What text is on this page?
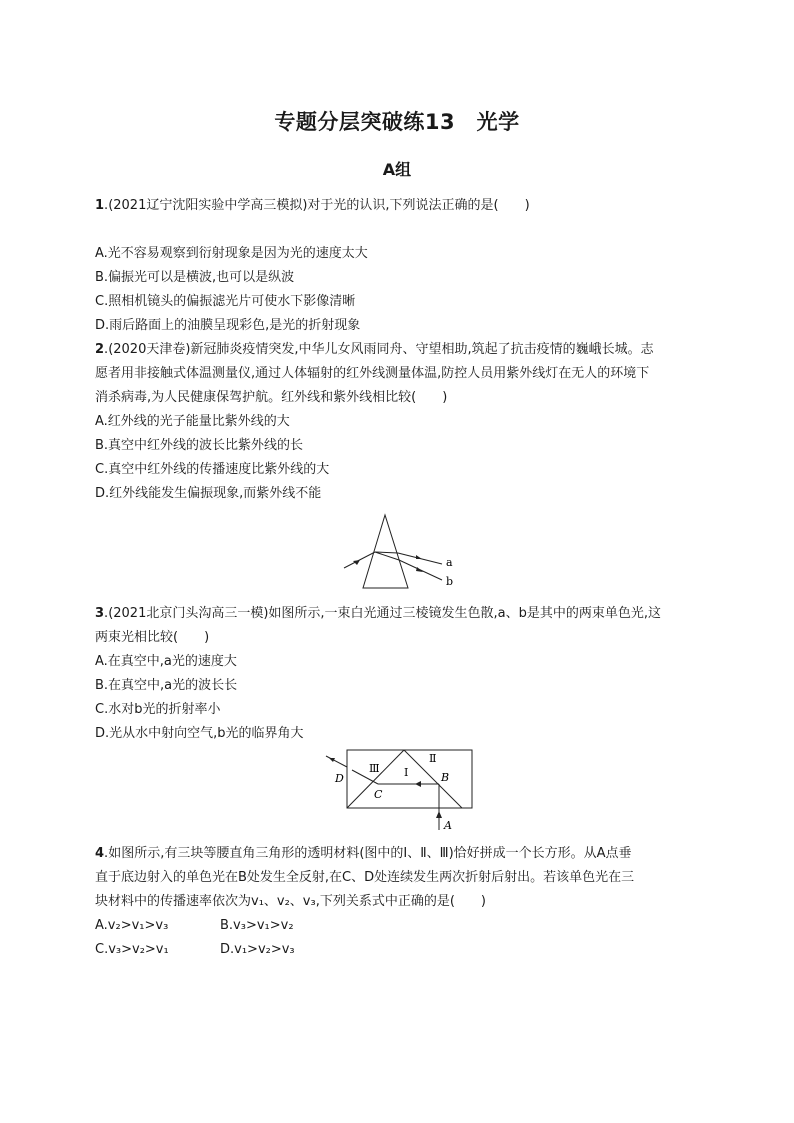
专题分层突破练13　光学
A组
1.(2021辽宁沈阳实验中学高三模拟)对于光的认识,下列说法正确的是(　　)
A.光不容易观察到衍射现象是因为光的速度太大
B.偏振光可以是横波,也可以是纵波
C.照相机镜头的偏振滤光片可使水下影像清晰
D.雨后路面上的油膜呈现彩色,是光的折射现象
2.(2020天津卷)新冠肺炎疫情突发,中华儿女风雨同舟、守望相助,筑起了抗击疫情的巍峨长城。志
愿者用非接触式体温测量仪,通过人体辐射的红外线测量体温,防控人员用紫外线灯在无人的环境下
消杀病毒,为人民健康保驾护航。红外线和紫外线相比较(　　)
A.红外线的光子能量比紫外线的大
B.真空中红外线的波长比紫外线的长
C.真空中红外线的传播速度比紫外线的大
D.红外线能发生偏振现象,而紫外线不能
a
b
3.(2021北京门头沟高三一模)如图所示,一束白光通过三棱镜发生色散,a、b是其中的两束单色光,这
两束光相比较(　　)
A.在真空中,a光的速度大
B.在真空中,a光的波长长
C.水对b光的折射率小
D.光从水中射向空气,b光的临界角大
Ⅲ Ⅰ
Ⅱ
B
C
D
A
4.如图所示,有三块等腰直角三角形的透明材料(图中的Ⅰ、Ⅱ、Ⅲ)恰好拼成一个长方形。从A点垂
直于底边射入的单色光在B处发生全反射,在C、D处连续发生两次折射后射出。若该单色光在三
块材料中的传播速率依次为v₁、v₂、v₃,下列关系式中正确的是(　　)
A.v₂>v₁>v₃	B.v₃>v₁>v₂
C.v₃>v₂>v₁	D.v₁>v₂>v₃
